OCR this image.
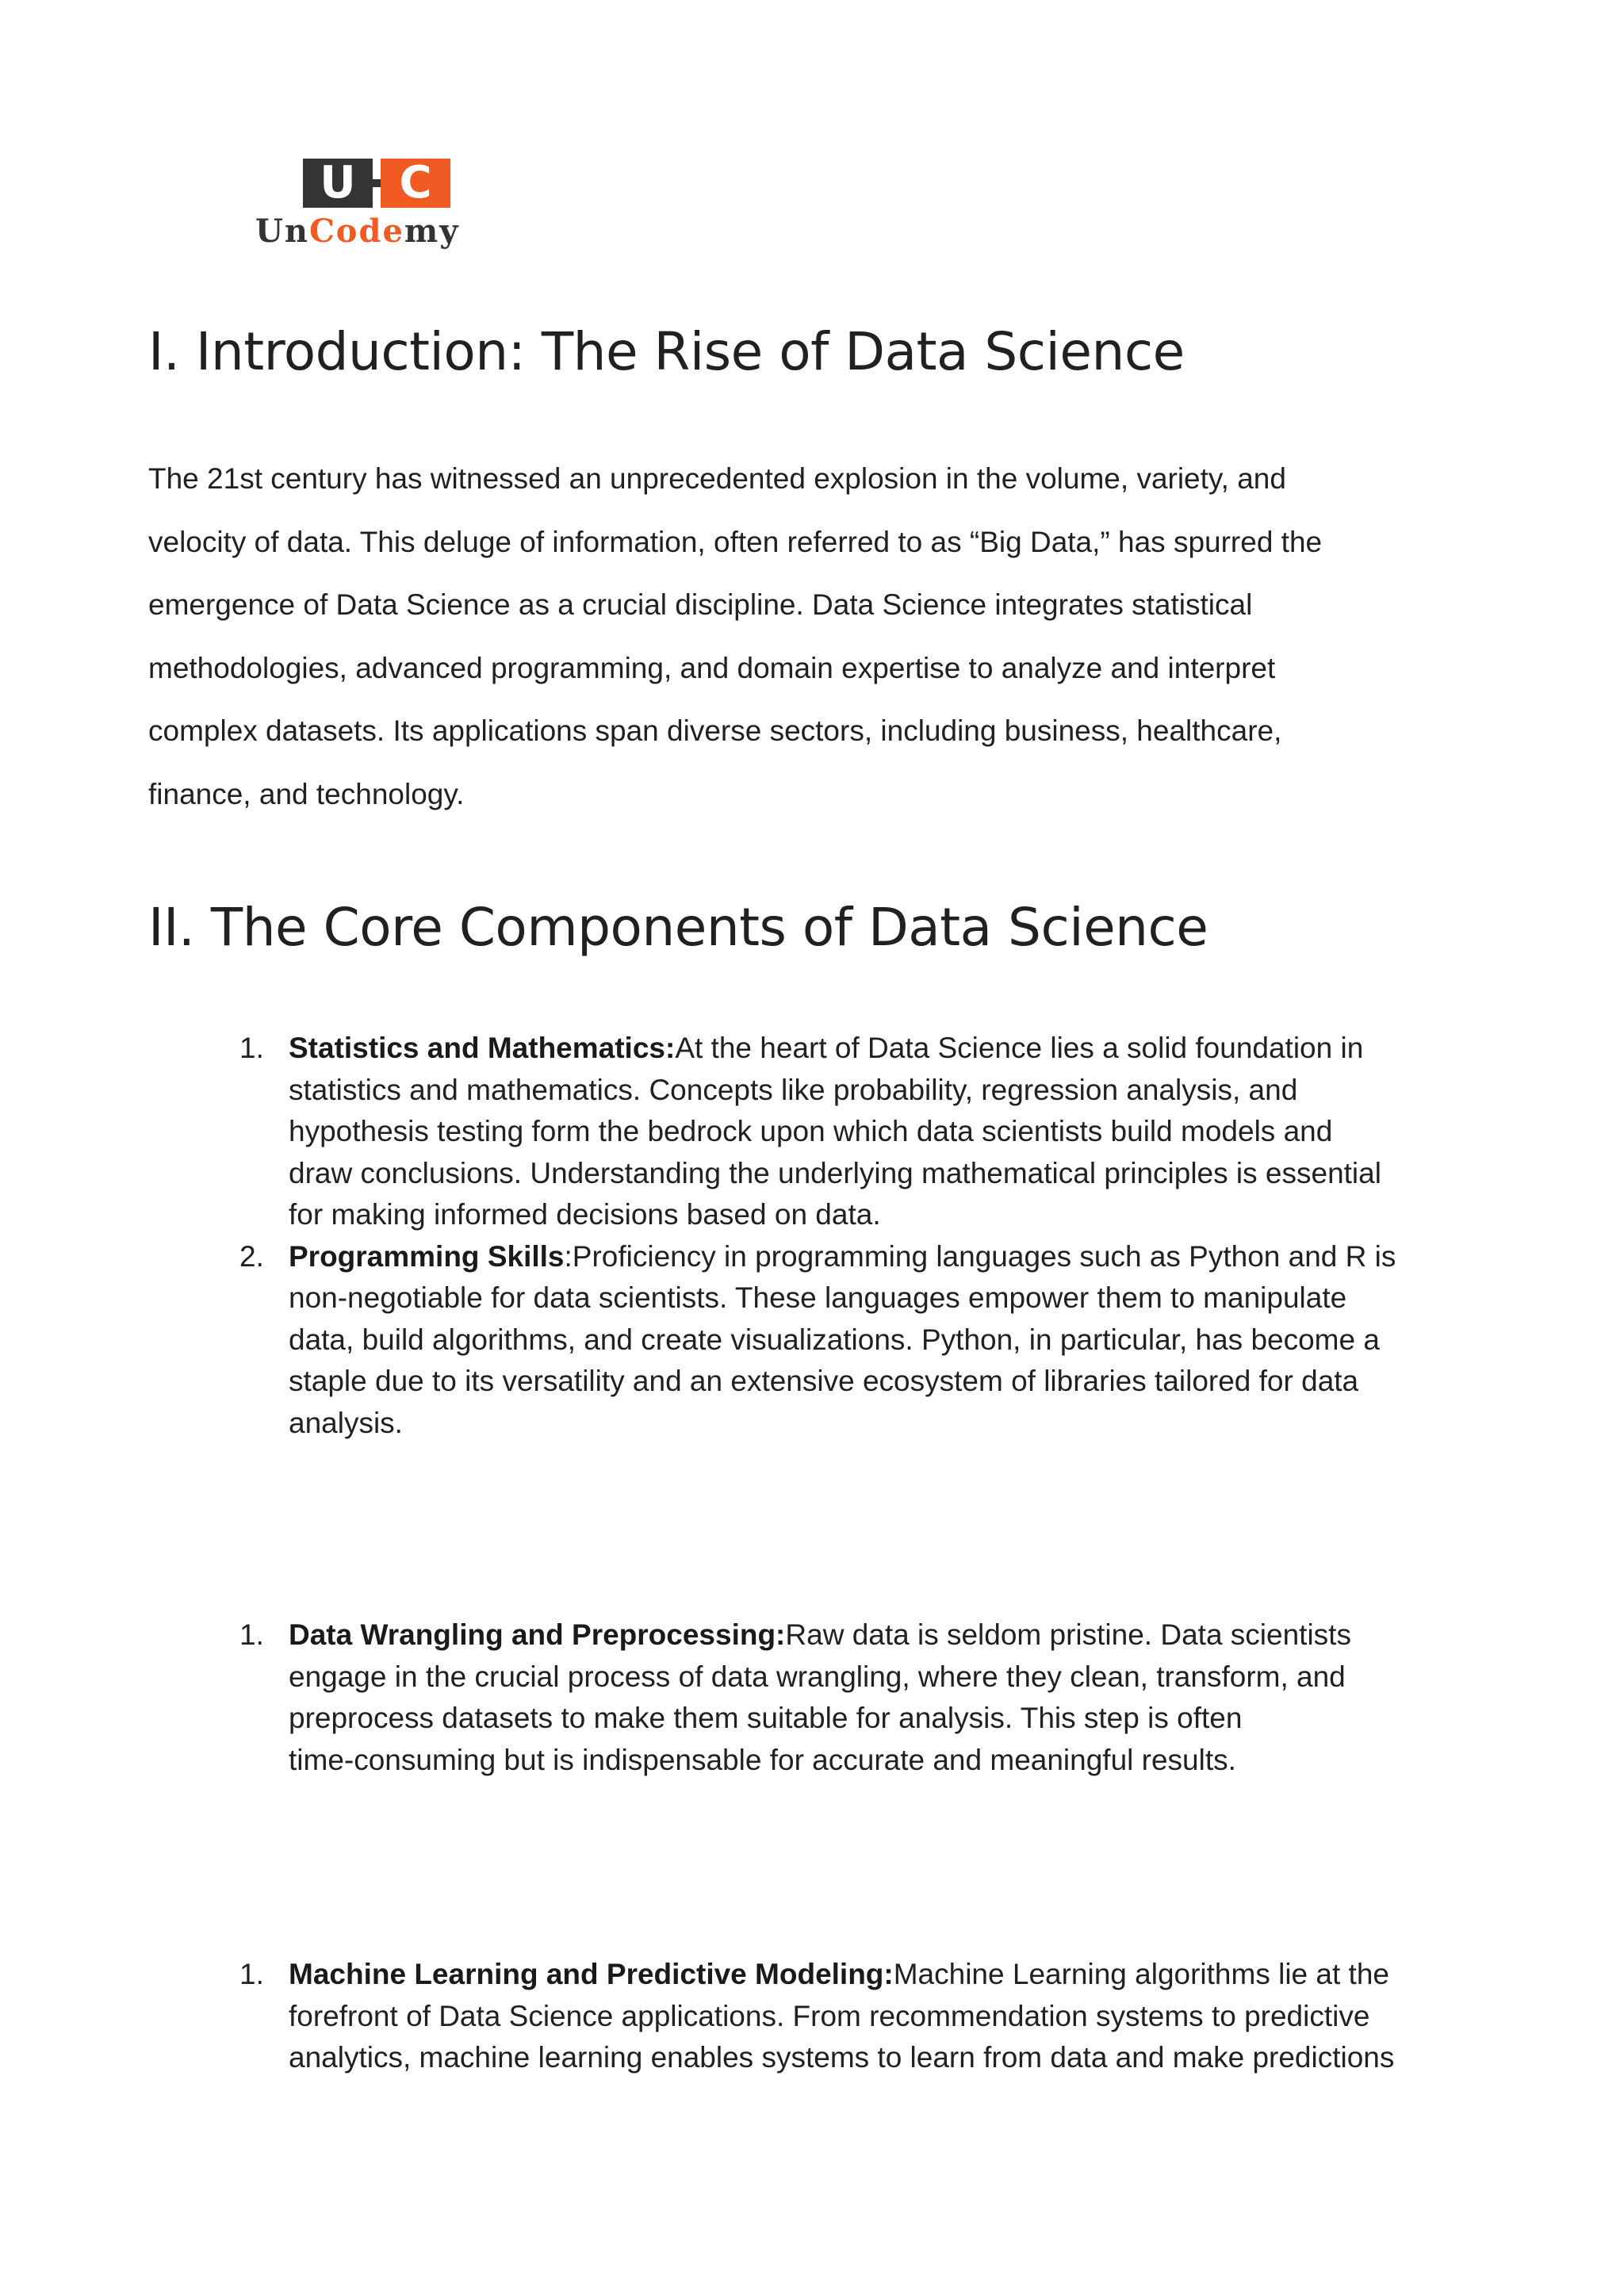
U C
UnCodemy
I. Introduction: The Rise of Data Science

The 21st century has witnessed an unprecedented explosion in the volume, variety, and
velocity of data. This deluge of information, often referred to as “Big Data,” has spurred the
emergence of Data Science as a crucial discipline. Data Science integrates statistical
methodologies, advanced programming, and domain expertise to analyze and interpret
complex datasets. Its applications span diverse sectors, including business, healthcare,
finance, and technology.

II. The Core Components of Data Science
1. Statistics and Mathematics:At the heart of Data Science lies a solid foundation in
statistics and mathematics. Concepts like probability, regression analysis, and
hypothesis testing form the bedrock upon which data scientists build models and
draw conclusions. Understanding the underlying mathematical principles is essential
for making informed decisions based on data.
2. Programming Skills:Proficiency in programming languages such as Python and R is
non-negotiable for data scientists. These languages empower them to manipulate
data, build algorithms, and create visualizations. Python, in particular, has become a
staple due to its versatility and an extensive ecosystem of libraries tailored for data
analysis.
1. Data Wrangling and Preprocessing:Raw data is seldom pristine. Data scientists
engage in the crucial process of data wrangling, where they clean, transform, and
preprocess datasets to make them suitable for analysis. This step is often
time-consuming but is indispensable for accurate and meaningful results.
1. Machine Learning and Predictive Modeling:Machine Learning algorithms lie at the
forefront of Data Science applications. From recommendation systems to predictive
analytics, machine learning enables systems to learn from data and make predictions
